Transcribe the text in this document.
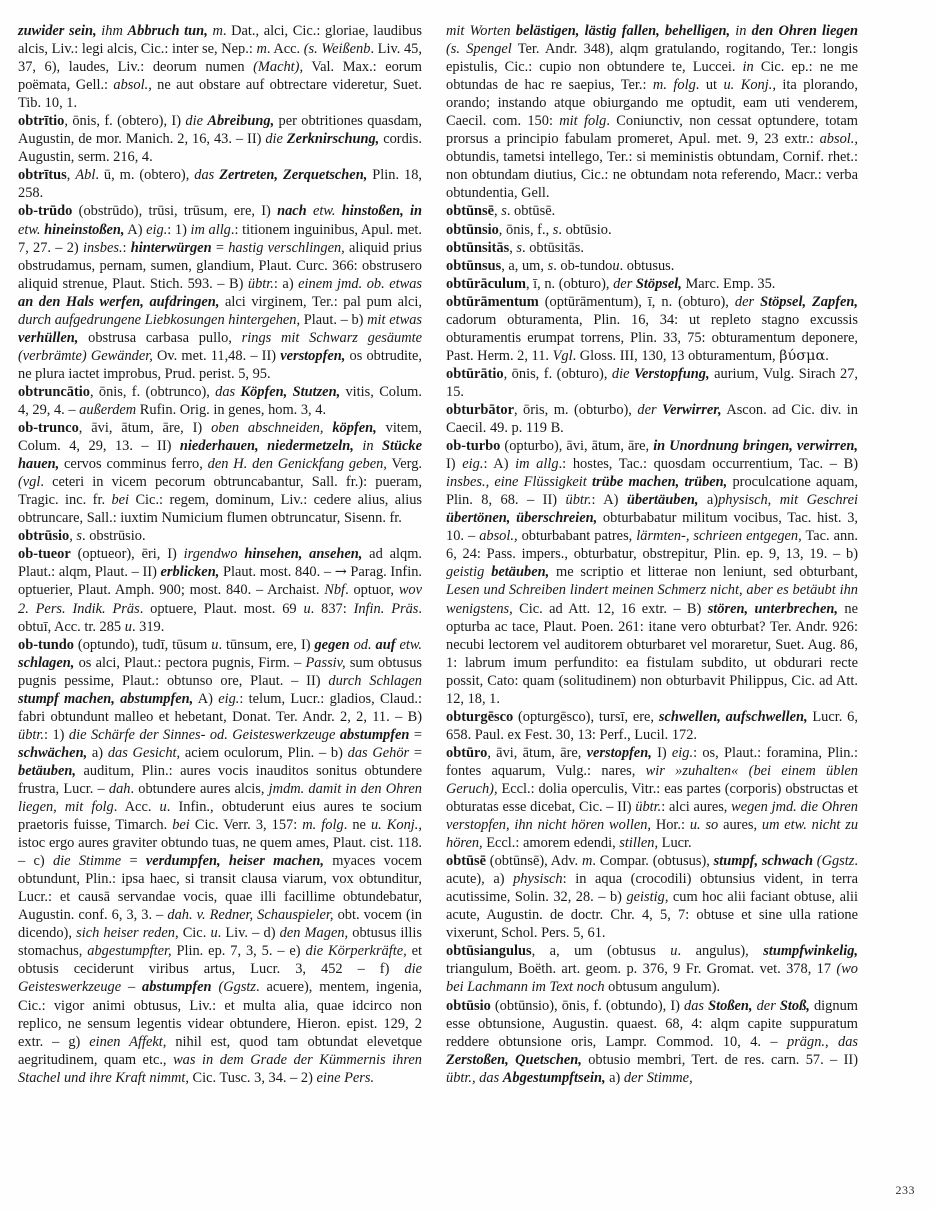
zuwider sein, ihm Abbruch tun, m. Dat., alci, Cic.: gloriae, laudibus alcis, Liv.: legi alcis, Cic.: inter se, Nep.: m. Acc. (s. Weißenb. Liv. 45, 37, 6), laudes, Liv.: deorum numen (Macht), Val. Max.: eorum poëmata, Gell.: absol., ne aut obstare auf obtrectare videretur, Suet. Tib. 10, 1.

obtrītio, ōnis, f. (obtero), I) die Abreibung, per obtritiones quasdam, Augustin, de mor. Manich. 2, 16, 43. – II) die Zerknirschung, cordis. Augustin, serm. 216, 4.

obtrītus, Abl. ū, m. (obtero), das Zertreten, Zerquetschen, Plin. 18, 258.

ob-trūdo (obstrūdo), trūsi, trūsum, ere, I) nach etw. hinstoßen, in etw. hineinstoßen, A) eig.: 1) im allg.: titionem inguinibus, Apul. met. 7, 27. – 2) insbes.: hinterwürgen = hastig verschlingen, aliquid prius obstrudamus, pernam, sumen, glandium, Plaut. Curc. 366: obstrusero aliquid strenue, Plaut. Stich. 593. – B) übtr.: a) einem jmd. ob. etwas an den Hals werfen, aufdringen, alci virginem, Ter.: pal pum alci, durch aufgedrungene Liebkosungen hintergehen, Plaut. – b) mit etwas verhüllen, obstrusa carbasa pullo, rings mit Schwarz gesäumte (verbrämte) Gewänder, Ov. met. 11,48. – II) verstopfen, os obtrudite, ne plura iactet improbus, Prud. perist. 5, 95.

obtruncātio, ōnis, f. (obtrunco), das Köpfen, Stutzen, vitis, Colum. 4, 29, 4. – außerdem Rufin. Orig. in genes, hom. 3, 4.

ob-trunco, āvi, ātum, āre, I) oben abschneiden, köpfen, vitem, Colum. 4, 29, 13. – II) niederhauen, niedermetzeln, in Stücke hauen, cervos comminus ferro, den H. den Genickfang geben, Verg. (vgl. ceteri in vicem pecorum obtruncabantur, Sall. fr.): pueram, Tragic. inc. fr. bei Cic.: regem, dominum, Liv.: cedere alius, alius obtruncare, Sall.: iuxtim Numicium flumen obtruncatur, Sisenn. fr.

obtrūsio, s. obstrūsio.

ob-tueor (optueor), ēri, I) irgendwo hinsehen, ansehen, ad alqm. Plaut.: alqm, Plaut. – II) erblicken, Plaut. most. 840. – → Parag. Infin. optuerier, Plaut. Amph. 900; most. 840. – Archaist. Nbf. optuor, wov 2. Pers. Indik. Präs. optuere, Plaut. most. 69 u. 837: Infin. Präs. obtuī, Acc. tr. 285 u. 319.

ob-tundo (optundo), tudī, tūsum u. tūnsum, ere, I) gegen od. auf etw. schlagen, os alci, Plaut.: pectora pugnis, Firm. – Passiv, sum obtusus pugnis pessime, Plaut.: obtunso ore, Plaut. – II) durch Schlagen stumpf machen, abstumpfen, A) eig.: telum, Lucr.: gladios, Claud.: fabri obtundunt malleo et hebetant, Donat. Ter. Andr. 2, 2, 11. – B) übtr.: 1) die Schärfe der Sinnes- od. Geisteswerkzeuge abstumpfen = schwächen, a) das Gesicht, aciem oculorum, Plin. – b) das Gehör = betäuben, auditum, Plin.: aures vocis inauditos sonitus obtundere frustra, Lucr. – dah. obtundere aures alcis, jmdm. damit in den Ohren liegen, mit folg. Acc. u. Infin., obtuderunt eius aures te socium praetoris fuisse, Timarch. bei Cic. Verr. 3, 157: m. folg. ne u. Konj., istoc ergo aures graviter obtundo tuas, ne quem ames, Plaut. cist. 118. – c) die Stimme = verdumpfen, heiser machen, myaces vocem obtundunt, Plin.: ipsa haec, si transit clausa viarum, vox obtunditur, Lucr.: et causā servandae vocis, quae illi facillime obtundebatur, Augustin. conf. 6, 3, 3. – dah. v. Redner, Schauspieler, obt. vocem (in dicendo), sich heiser reden, Cic. u. Liv. – d) den Magen, obtusus illis stomachus, abgestumpfter, Plin. ep. 7, 3, 5. – e) die Körperkräfte, et obtusis ceciderunt viribus artus, Lucr. 3, 452 – f) die Geisteswerkzeuge – abstumpfen (Ggstz. acuere), mentem, ingenia, Cic.: vigor animi obtusus, Liv.: et multa alia, quae idcirco non replico, ne sensum legentis videar obtundere, Hieron. epist. 129, 2 extr. – g) einen Affekt, nihil est, quod tam obtundat elevetque aegritudinem, quam etc., was in dem Grade der Kümmernis ihren Stachel und ihre Kraft nimmt, Cic. Tusc. 3, 34. – 2) eine Pers.

mit Worten belästigen, lästig fallen, behelligen, in den Ohren liegen (s. Spengel Ter. Andr. 348), alqm gratulando, rogitando, Ter.: longis epistulis, Cic.: cupio non obtundere te, Luccei. in Cic. ep.: ne me obtundas de hac re saepius, Ter.: m. folg. ut u. Konj., ita plorando, orando; instando atque obiurgando me optudit, eam uti venderem, Caecil. com. 150: mit folg. Coniunctiv, non cessat optundere, totam prorsus a principio fabulam promeret, Apul. met. 9, 23 extr.: absol., obtundis, tametsi intellego, Ter.: si meministis obtundam, Cornif. rhet.: non obtundam diutius, Cic.: ne obtundam nota referendo, Macr.: verba obtundentia, Gell.

obtūnsē, s. obtūsē.

obtūnsio, ōnis, f., s. obtūsio.

obtūnsitās, s. obtūsitās.

obtūnsus, a, um, s. ob-tundou. obtusus.

obtūrāculum, ī, n. (obturo), der Stöpsel, Marc. Emp. 35.

obtūrāmentum (optūrāmentum), ī, n. (obturo), der Stöpsel, Zapfen, cadorum obturamenta, Plin. 16, 34: ut repleto stagno excussis obturamentis erumpat torrens, Plin. 33, 75: obturamentum deponere, Past. Herm. 2, 11. Vgl. Gloss. III, 130, 13 obturamentum, βύσμα.

obtūrātio, ōnis, f. (obturo), die Verstopfung, aurium, Vulg. Sirach 27, 15.

obturbātor, ōris, m. (obturbo), der Verwirrer, Ascon. ad Cic. div. in Caecil. 49. p. 119 B.

ob-turbo (opturbo), āvi, ātum, āre, in Unordnung bringen, verwirren, I) eig.: A) im allg.: hostes, Tac.: quosdam occurrentium, Tac. – B) insbes., eine Flüssigkeit trübe machen, trüben, proculcatione aquam, Plin. 8, 68. – II) übtr.: A) übertäuben, a)physisch, mit Geschrei übertönen, überschreien, obturbabatur militum vocibus, Tac. hist. 3, 10. – absol., obturbabant patres, lärmten-, schrieen entgegen, Tac. ann. 6, 24: Pass. impers., obturbatur, obstrepitur, Plin. ep. 9, 13, 19. – b) geistig betäuben, me scriptio et litterae non leniunt, sed obturbant, Lesen und Schreiben lindert meinen Schmerz nicht, aber es betäubt ihn wenigstens, Cic. ad Att. 12, 16 extr. – B) stören, unterbrechen, ne opturba ac tace, Plaut. Poen. 261: itane vero obturbat? Ter. Andr. 926: necubi lectorem vel auditorem obturbaret vel moraretur, Suet. Aug. 86, 1: labrum imum perfundito: ea fistulam subdito, ut obdurari recte possit, Cato: quam (solitudinem) non obturbavit Philippus, Cic. ad Att. 12, 18, 1.

obturgēsco (opturgēsco), tursī, ere, schwellen, aufschwellen, Lucr. 6, 658. Paul. ex Fest. 30, 13: Perf., Lucil. 172.

obtūro, āvi, ātum, āre, verstopfen, I) eig.: os, Plaut.: foramina, Plin.: fontes aquarum, Vulg.: nares, wir »zuhalten« (bei einem üblen Geruch), Eccl.: dolia operculis, Vitr.: eas partes (corporis) obstructas et obturatas esse dicebat, Cic. – II) übtr.: alci aures, wegen jmd. die Ohren verstopfen, ihn nicht hören wollen, Hor.: u. so aures, um etw. nicht zu hören, Eccl.: amorem edendi, stillen, Lucr.

obtūsē (obtūnsē), Adv. m. Compar. (obtusus), stumpf, schwach (Ggstz. acute), a) physisch: in aqua (crocodili) obtunsius vident, in terra acutissime, Solin. 32, 28. – b) geistig, cum hoc alii faciant obtuse, alii acute, Augustin. de doctr. Chr. 4, 5, 7: obtuse et sine ulla ratione vixerunt, Schol. Pers. 5, 61.

obtūsiangulus, a, um (obtusus u. angulus), stumpfwinkelig, triangulum, Boëth. art. geom. p. 376, 9 Fr. Gromat. vet. 378, 17 (wo bei Lachmann im Text noch obtusum angulum).

obtūsio (obtūnsio), ōnis, f. (obtundo), I) das Stoßen, der Stoß, dignum esse obtunsione, Augustin. quaest. 68, 4: alqm capite suppuratum reddere obtunsione oris, Lampr. Commod. 10, 4. – prägn., das Zerstoßen, Quetschen, obtusio membri, Tert. de res. carn. 57. – II) übtr., das Abgestumpftsein, a) der Stimme,

233
